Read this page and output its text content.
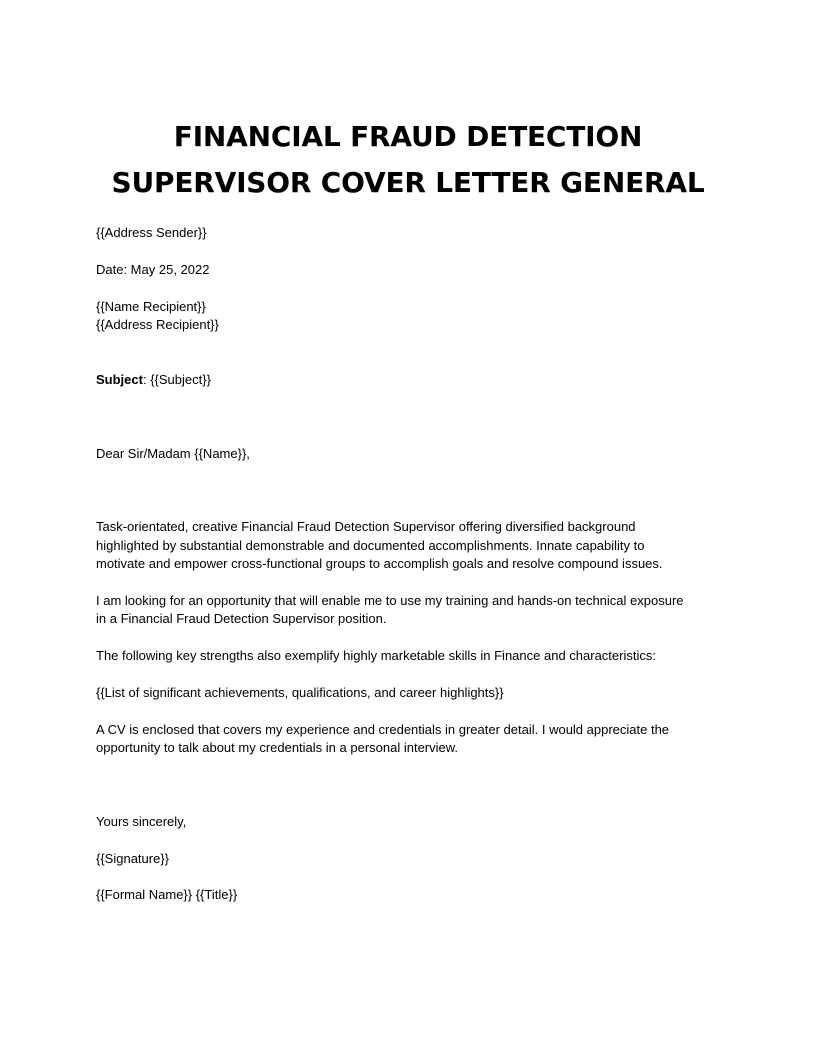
FINANCIAL FRAUD DETECTION
SUPERVISOR COVER LETTER GENERAL
{{Address Sender}}
Date: May 25, 2022
{{Name Recipient}}
{{Address Recipient}}
Subject: {{Subject}}
Dear Sir/Madam {{Name}},
Task-orientated, creative Financial Fraud Detection Supervisor offering diversified background
highlighted by substantial demonstrable and documented accomplishments. Innate capability to
motivate and empower cross-functional groups to accomplish goals and resolve compound issues.
I am looking for an opportunity that will enable me to use my training and hands-on technical exposure
in a Financial Fraud Detection Supervisor position.
The following key strengths also exemplify highly marketable skills in Finance and characteristics:
{{List of significant achievements, qualifications, and career highlights}}
A CV is enclosed that covers my experience and credentials in greater detail. I would appreciate the
opportunity to talk about my credentials in a personal interview.
Yours sincerely,
{{Signature}}
{{Formal Name}} {{Title}}
